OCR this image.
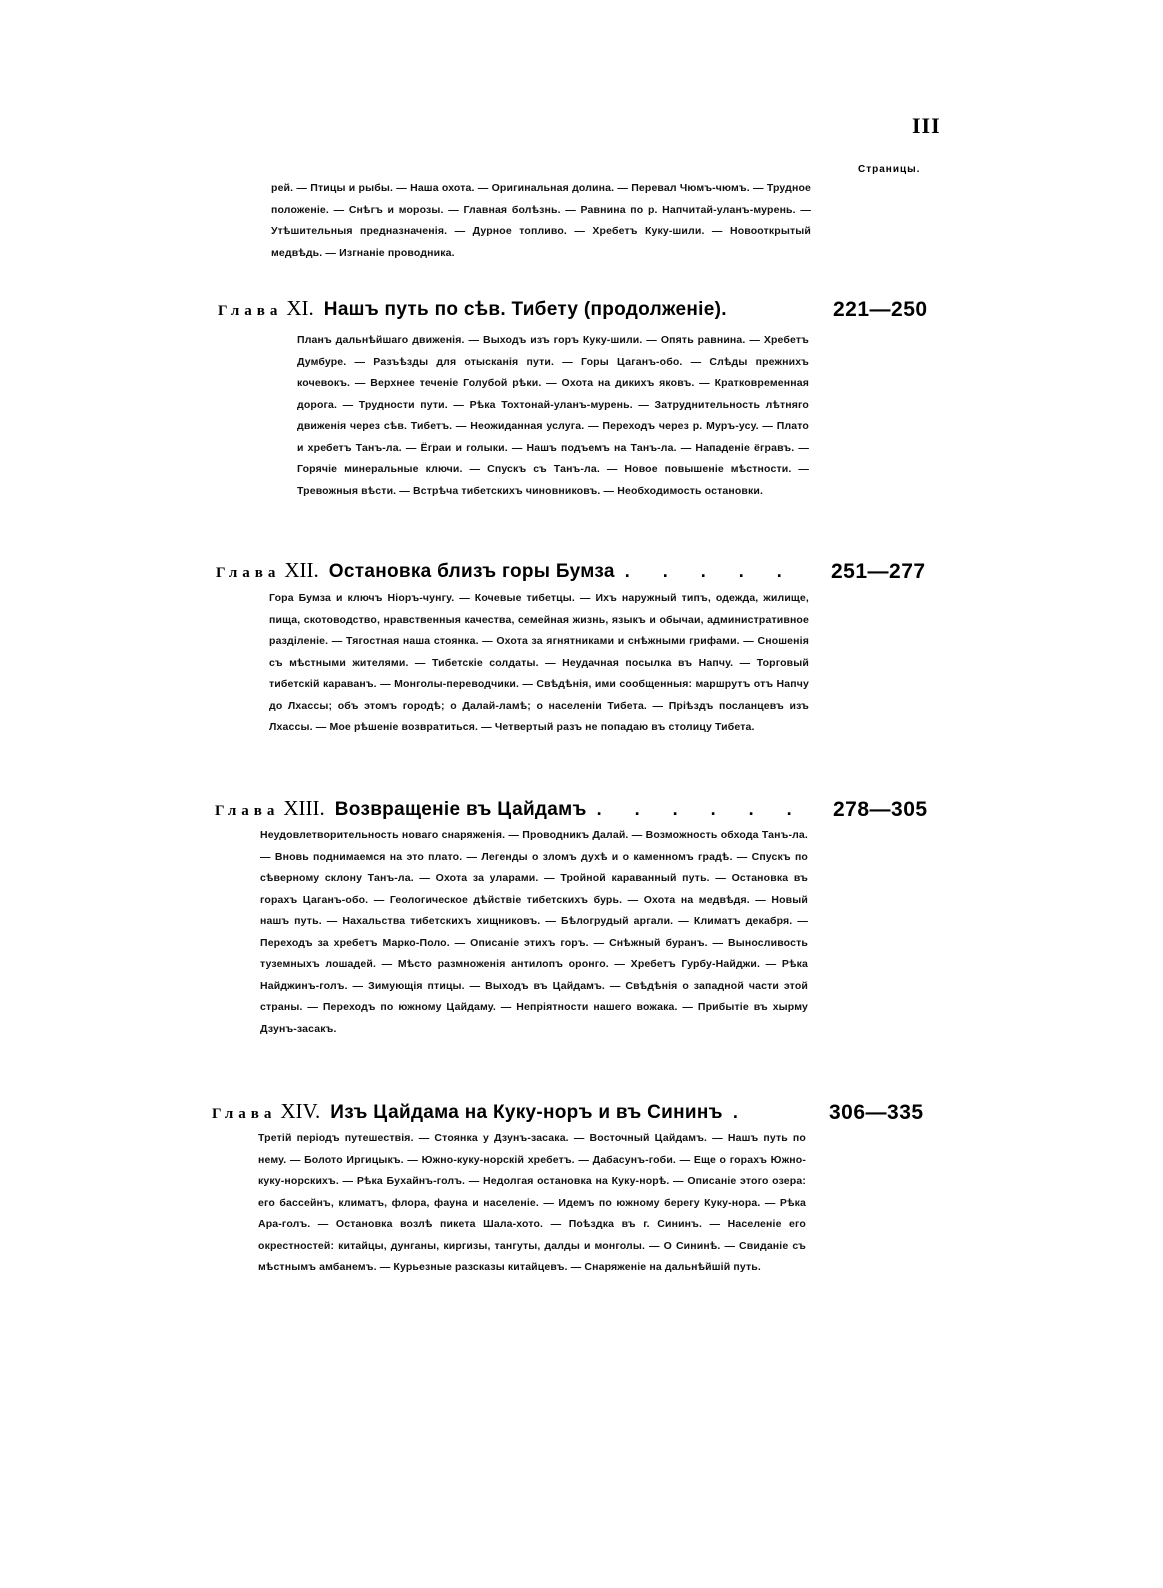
III
Страницы.
рей. — Птицы и рыбы. — Наша охота. — Оригинальная долина. — Перевал Чюмъ-чюмъ. — Трудное положеніе. — Снѣгъ и морозы. — Главная болѣзнь. — Равнина по р. Напчитай-уланъ-мурень. — Утѣшительныя предназначенія. — Дурное топливо. — Хребетъ Куку-шили. — Новооткрытый медвѣдь. — Изгнаніе проводника.
Глава XI. Нашъ путь по сѣв. Тибету (продолженіе).	221—250
Планъ дальнѣйшаго движенія. — Выходъ изъ горъ Куку-шили. — Опять равнина. — Хребетъ Думбуре. — Разъѣзды для отысканія пути. — Горы Цаганъ-обо. — Слѣды прежнихъ кочевокъ. — Верхнее теченіе Голубой рѣки. — Охота на дикихъ яковъ. — Кратковременная дорога. — Трудности пути. — Рѣка Тохтонай-уланъ-мурень. — Затруднительность лѣтняго движенія через сѣв. Тибетъ. — Неожиданная услуга. — Переходъ через р. Муръ-усу. — Плато и хребетъ Танъ-ла. — Ёграи и голыки. — Нашъ подъемъ на Танъ-ла. — Нападеніе ёгравъ. — Горячіе минеральные ключи. — Спускъ съ Танъ-ла. — Новое повышеніе мѣстности. — Тревожныя вѣсти. — Встрѣча тибетскихъ чиновниковъ. — Необходимость остановки.
Глава XII. Остановка близъ горы Бумза . . . . . 251—277
Гора Бумза и ключъ Ніоръ-чунгу. — Кочевые тибетцы. — Ихъ наружный типъ, одежда, жилище, пища, скотоводство, нравственныя качества, семейная жизнь, языкъ и обычаи, административное разділеніе. — Тягостная наша стоянка. — Охота за ягнятниками и снѣжными грифами. — Сношенія съ мѣстными жителями. — Тибетскіе солдаты. — Неудачная посылка въ Напчу. — Торговый тибетскій караванъ. — Монголы-переводчики. — Свѣдѣнія, ими сообщенныя: маршрутъ отъ Напчу до Лхассы; объ этомъ городѣ; о Далай-ламѣ; о населеніи Тибета. — Пріѣздъ посланцевъ изъ Лхассы. — Мое рѣшеніе возвратиться. — Четвертый разъ не попадаю въ столицу Тибета.
Глава XIII. Возвращеніе въ Цайдамъ . . . . . . 278—305
Неудовлетворительность новаго снаряженія. — Проводникъ Далай. — Возможность обхода Танъ-ла. — Вновь поднимаемся на это плато. — Легенды о зломъ духѣ и о каменномъ градѣ. — Спускъ по сѣверному склону Танъ-ла. — Охота за уларами. — Тройной караванный путь. — Остановка въ горахъ Цаганъ-обо. — Геологическое дѣйствіе тибетскихъ бурь. — Охота на медвѣдя. — Новый нашъ путь. — Нахальства тибетскихъ хищниковъ. — Бѣлогрудый аргали. — Климатъ декабря. — Переходъ за хребетъ Марко-Поло. — Описаніе этихъ горъ. — Снѣжный буранъ. — Выносливость туземныхъ лошадей. — Мѣсто размноженія антилопъ оронго. — Хребетъ Гурбу-Найджи. — Рѣка Найджинъ-голъ. — Зимующія птицы. — Выходъ въ Цайдамъ. — Свѣдѣнія о западной части этой страны. — Переходъ по южному Цайдаму. — Непріятности нашего вожака. — Прибытіе въ хырму Дзунъ-засакъ.
Глава XIV. Изъ Цайдама на Куку-норъ и въ Сининъ .	306—335
Третій періодъ путешествія. — Стоянка у Дзунъ-засака. — Восточный Цайдамъ. — Нашъ путь по нему. — Болото Иргицыкъ. — Южно-куку-норскій хребетъ. — Дабасунъ-гоби. — Еще о горахъ Южно-куку-норскихъ. — Рѣка Бухайнъ-голъ. — Недолгая остановка на Куку-норѣ. — Описаніе этого озера: его бассейнъ, климатъ, флора, фауна и населеніе. — Идемъ по южному берегу Куку-нора. — Рѣка Ара-голъ. — Остановка возлѣ пикета Шала-хото. — Поѣздка въ г. Сининъ. — Населеніе его окрестностей: китайцы, дунганы, киргизы, тангуты, далды и монголы. — О Сининѣ. — Свиданіе съ мѣстнымъ амбанемъ. — Курьезные разсказы китайцевъ. — Снаряженіе на дальнѣйшій путь.
